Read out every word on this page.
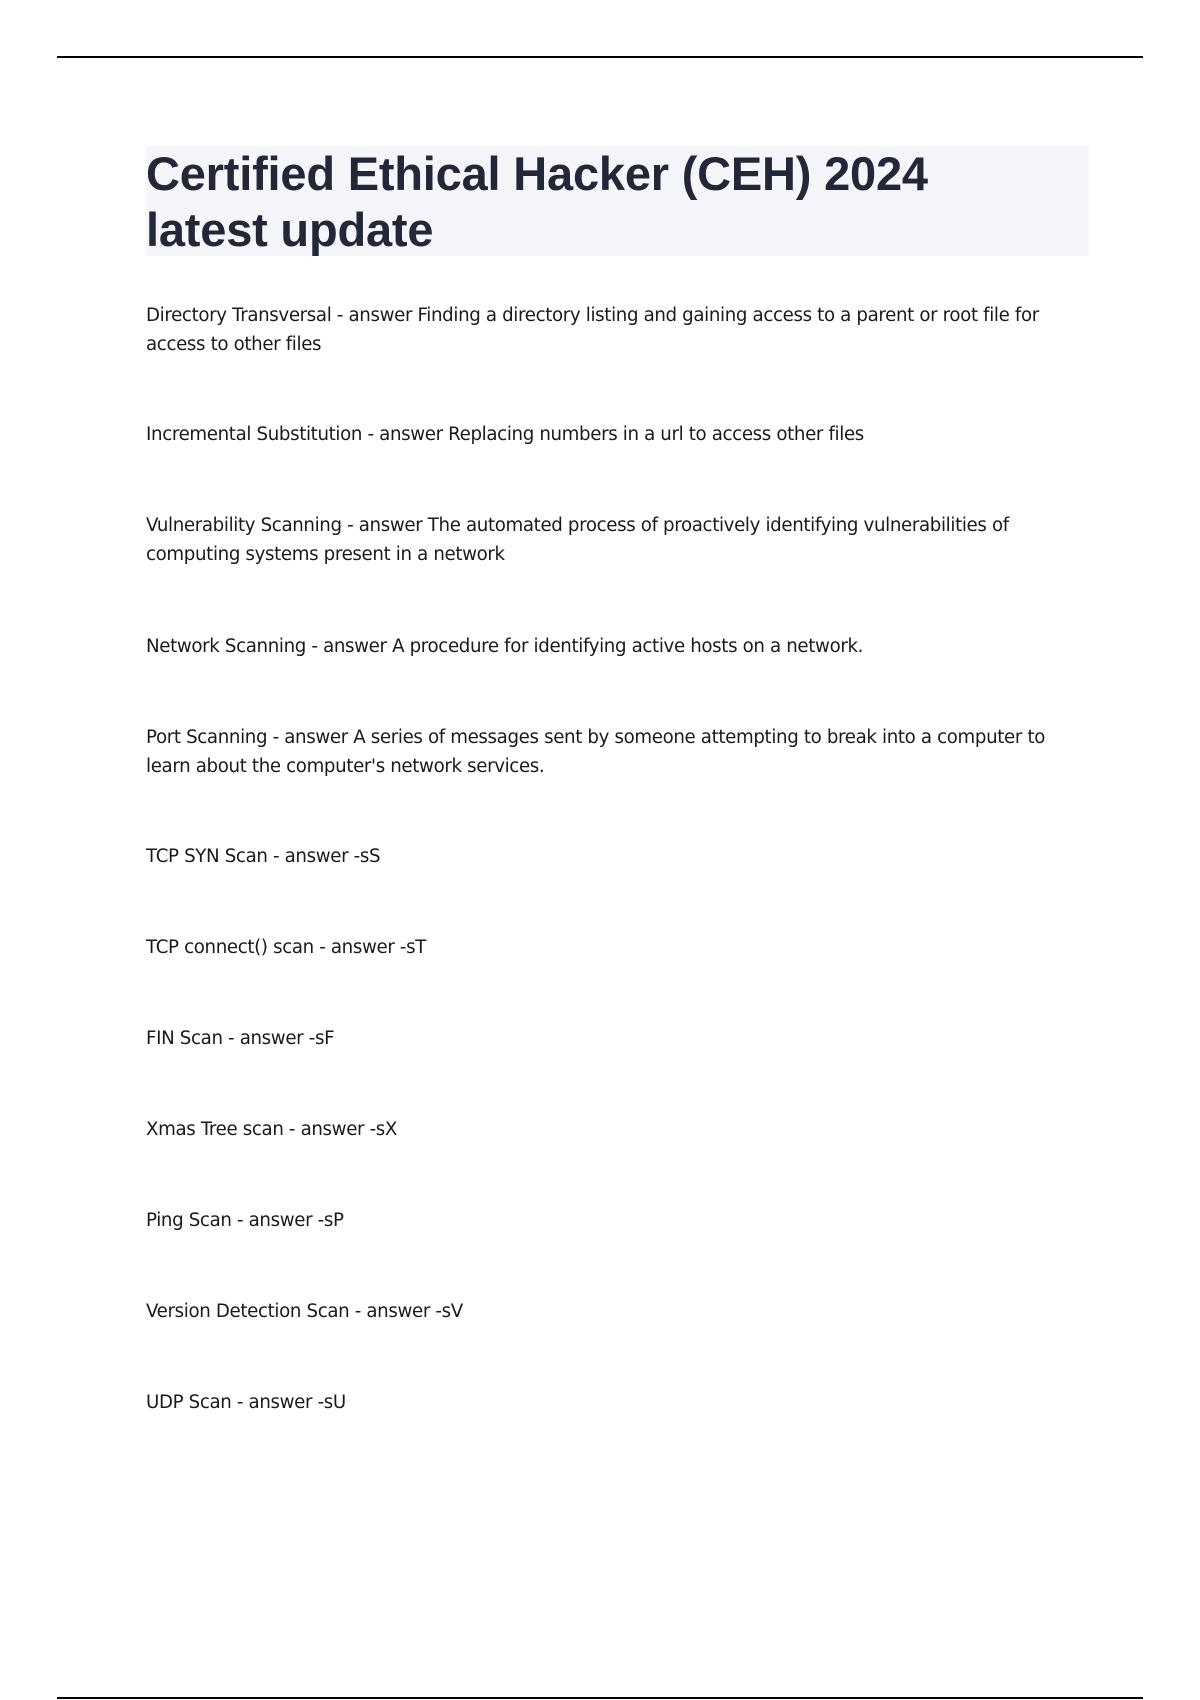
Certified Ethical Hacker (CEH) 2024
latest update

Directory Transversal - answer Finding a directory listing and gaining access to a parent or root file for access to other files

Incremental Substitution - answer Replacing numbers in a url to access other files

Vulnerability Scanning - answer The automated process of proactively identifying vulnerabilities of computing systems present in a network

Network Scanning - answer A procedure for identifying active hosts on a network.

Port Scanning - answer A series of messages sent by someone attempting to break into a computer to learn about the computer's network services.

TCP SYN Scan - answer -sS

TCP connect() scan - answer -sT

FIN Scan - answer -sF

Xmas Tree scan - answer -sX

Ping Scan - answer -sP

Version Detection Scan - answer -sV

UDP Scan - answer -sU
